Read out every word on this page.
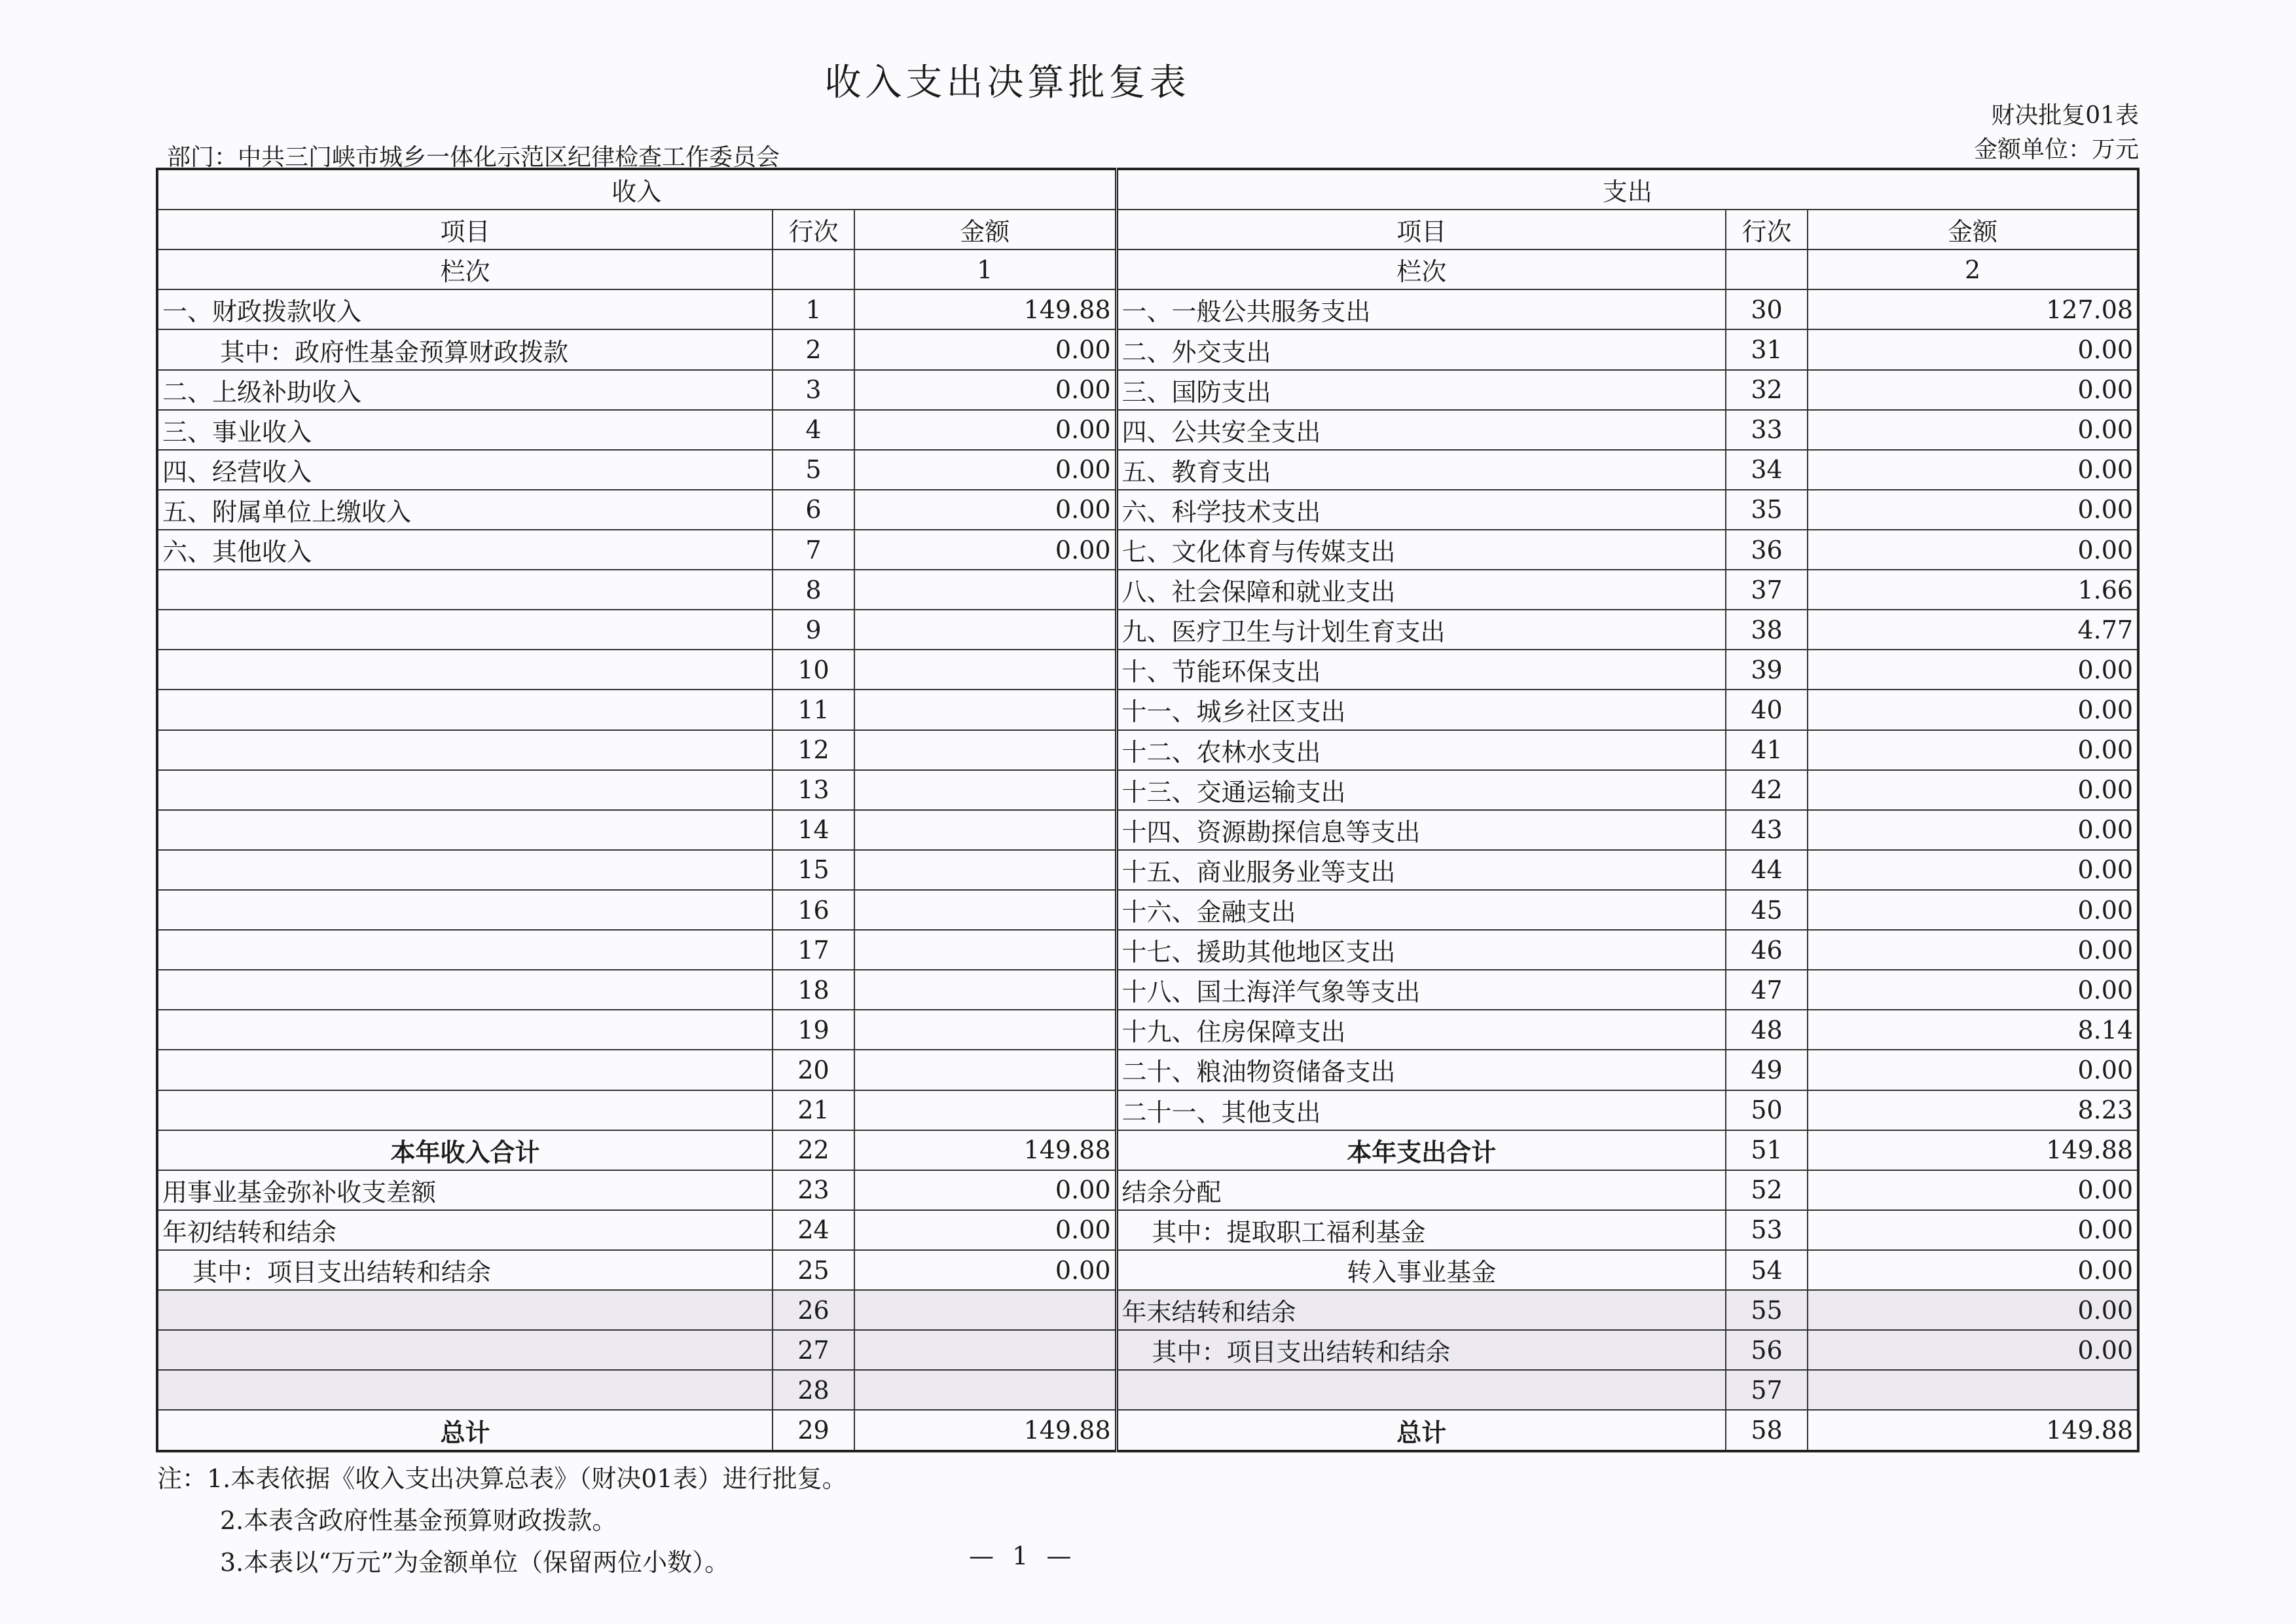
收入支出决算批复表
财决批复01表
金额单位：万元
部门：中共三门峡市城乡一体化示范区纪律检查工作委员会
收入			支出		
项目	行次	金额	项目	行次	金额
栏次		1	栏次		2
一、财政拨款收入	1	149.88	一、一般公共服务支出	30	127.08
其中：政府性基金预算财政拨款	2	0.00	二、外交支出	31	0.00
二、上级补助收入	3	0.00	三、国防支出	32	0.00
三、事业收入	4	0.00	四、公共安全支出	33	0.00
四、经营收入	5	0.00	五、教育支出	34	0.00
五、附属单位上缴收入	6	0.00	六、科学技术支出	35	0.00
六、其他收入	7	0.00	七、文化体育与传媒支出	36	0.00
	8		八、社会保障和就业支出	37	1.66
	9		九、医疗卫生与计划生育支出	38	4.77
	10		十、节能环保支出	39	0.00
	11		十一、城乡社区支出	40	0.00
	12		十二、农林水支出	41	0.00
	13		十三、交通运输支出	42	0.00
	14		十四、资源勘探信息等支出	43	0.00
	15		十五、商业服务业等支出	44	0.00
	16		十六、金融支出	45	0.00
	17		十七、援助其他地区支出	46	0.00
	18		十八、国土海洋气象等支出	47	0.00
	19		十九、住房保障支出	48	8.14
	20		二十、粮油物资储备支出	49	0.00
	21		二十一、其他支出	50	8.23
本年收入合计	22	149.88	本年支出合计	51	149.88
用事业基金弥补收支差额	23	0.00	结余分配	52	0.00
年初结转和结余	24	0.00	其中：提取职工福利基金	53	0.00
其中：项目支出结转和结余	25	0.00	转入事业基金	54	0.00
	26		年末结转和结余	55	0.00
	27		其中：项目支出结转和结余	56	0.00
	28			57	
总计	29	149.88	总计	58	149.88
注：1.本表依据《收入支出决算总表》（财决01表）进行批复。
2.本表含政府性基金预算财政拨款。
3.本表以“万元”为金额单位（保留两位小数）。	— 1 —
